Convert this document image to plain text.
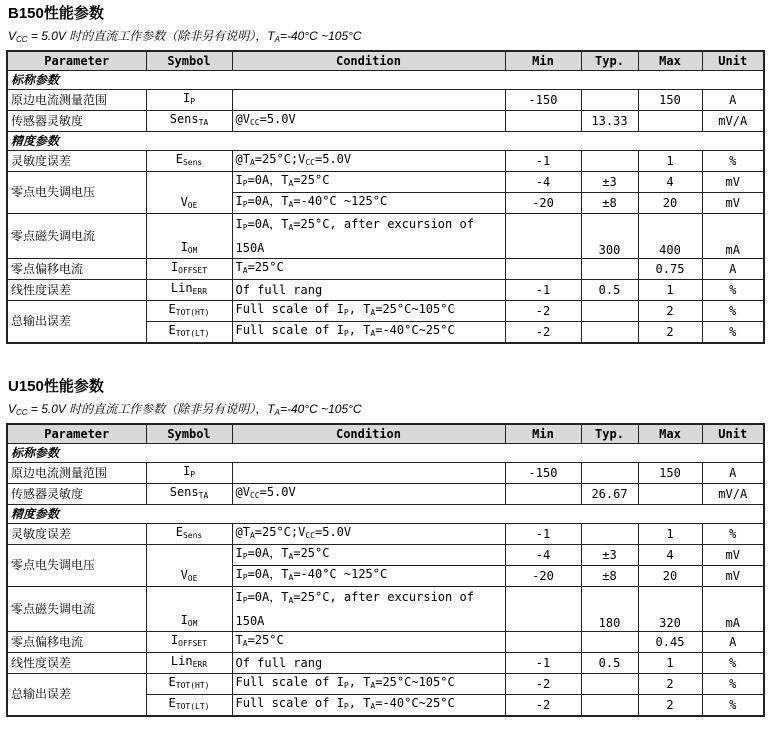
B150性能参数
$V_{CC} = 5.0V$ 时的直流工作参数（除非另有说明），$T_A=-40^\circ C$ ~105°C
Parameter	Symbol	Condition	Min	Typ.	Max	Unit
标称参数						
原边电流测量范围	$I_P$		-150		150	A
传感器灵敏度	Sens$_{TA}$	$@V_{CC}=5.0V$		13.33		mV/A
精度参数						
灵敏度误差	$E_{Sens}$	$@T_A=25^\circ C;V_{CC}=5.0V$	-1		1	%
零点电失调电压	$V_{OE}$	$I_P=0A$，$T_A=25^\circ C$	-4	±3	4	mV
		$I_P=0A$，$T_A=-40^\circ C$ ~125°C	-20	±8	20	mV
零点磁失调电流	$I_{OM}$	$I_P=0A$，$T_A=25^\circ C$, after excursion of 150A		300	400	mA
零点偏移电流	$I_{OFFSET}$	$T_A=25^\circ C$			0.75	A
线性度误差	Lin$_{ERR}$	Of full rang	-1	0.5	1	%
总输出误差	$E_{TOT(HT)}$	Full scale of $I_P$, $T_A=25^\circ C\sim 105^\circ C$	-2		2	%
	$E_{TOT(LT)}$	Full scale of $I_P$, $T_A=-40^\circ C\sim 25^\circ C$	-2		2	%
U150性能参数
$V_{CC} = 5.0V$ 时的直流工作参数（除非另有说明），$T_A=-40^\circ C$ ~105°C
Parameter	Symbol	Condition	Min	Typ.	Max	Unit
标称参数						
原边电流测量范围	$I_P$		-150		150	A
传感器灵敏度	Sens$_{TA}$	$@V_{CC}=5.0V$		26.67		mV/A
精度参数						
灵敏度误差	$E_{Sens}$	$@T_A=25^\circ C;V_{CC}=5.0V$	-1		1	%
零点电失调电压	$V_{OE}$	$I_P=0A$，$T_A=25^\circ C$	-4	±3	4	mV
		$I_P=0A$，$T_A=-40^\circ C$ ~125°C	-20	±8	20	mV
零点磁失调电流	$I_{OM}$	$I_P=0A$，$T_A=25^\circ C$, after excursion of 150A		180	320	mA
零点偏移电流	$I_{OFFSET}$	$T_A=25^\circ C$			0.45	A
线性度误差	Lin$_{ERR}$	Of full rang	-1	0.5	1	%
总输出误差	$E_{TOT(HT)}$	Full scale of $I_P$, $T_A=25^\circ C\sim 105^\circ C$	-2		2	%
	$E_{TOT(LT)}$	Full scale of $I_P$, $T_A=-40^\circ C\sim 25^\circ C$	-2		2	%
